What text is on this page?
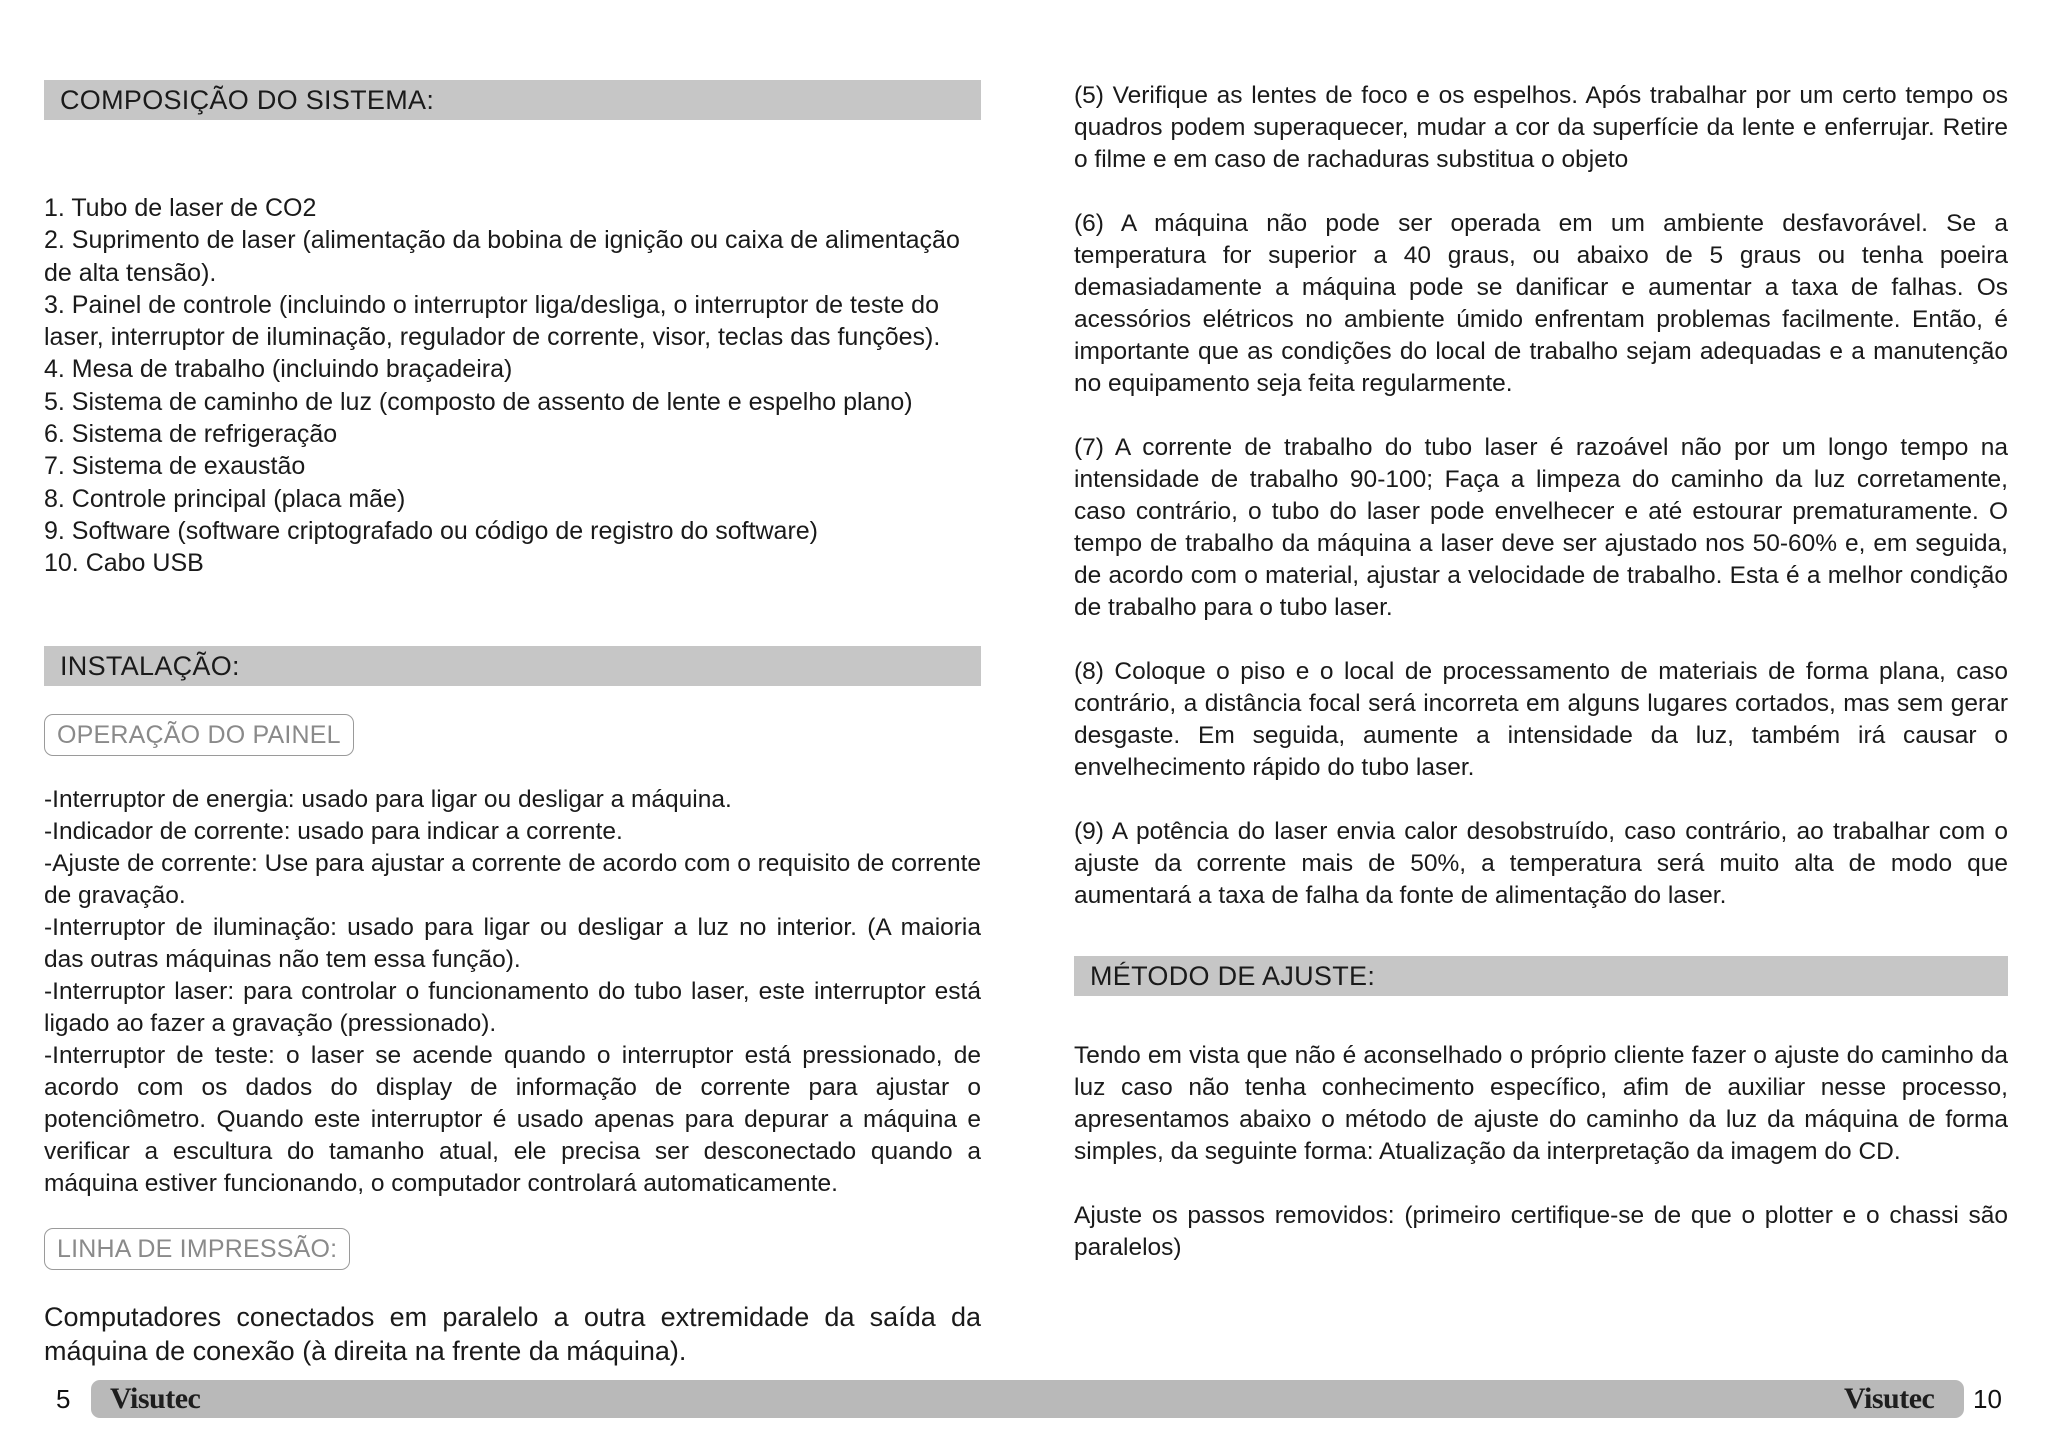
COMPOSIÇÃO DO SISTEMA:
1. Tubo de laser de CO2
2. Suprimento de laser (alimentação da bobina de ignição ou caixa de alimentação de alta tensão).
3. Painel de controle (incluindo o interruptor liga/desliga, o interruptor de teste do laser, interruptor de iluminação, regulador de corrente, visor, teclas das funções).
4. Mesa de trabalho (incluindo braçadeira)
5. Sistema de caminho de luz (composto de assento de lente e espelho plano)
6. Sistema de refrigeração
7. Sistema de exaustão
8. Controle principal (placa mãe)
9. Software (software criptografado ou código de registro do software)
10. Cabo USB
INSTALAÇÃO:
OPERAÇÃO DO PAINEL
-Interruptor de energia: usado para ligar ou desligar a máquina.
-Indicador de corrente: usado para indicar a corrente.
-Ajuste de corrente: Use para ajustar a corrente de acordo com o requisito de corrente de gravação.
-Interruptor de iluminação: usado para ligar ou desligar a luz no interior. (A maioria das outras máquinas não tem essa função).
-Interruptor laser: para controlar o funcionamento do tubo laser, este interruptor está ligado ao fazer a gravação (pressionado).
-Interruptor de teste: o laser se acende quando o interruptor está pressionado, de acordo com os dados do display de informação de corrente para ajustar o potenciômetro. Quando este interruptor é usado apenas para depurar a máquina e verificar a escultura do tamanho atual, ele precisa ser desconectado quando a máquina estiver funcionando, o computador controlará automaticamente.
LINHA DE IMPRESSÃO:
Computadores conectados em paralelo a outra extremidade da saída da máquina de conexão (à direita na frente da máquina).

(5) Verifique as lentes de foco e os espelhos. Após trabalhar por um certo tempo os quadros podem superaquecer, mudar a cor da superfície da lente e enferrujar. Retire o filme e em caso de rachaduras substitua o objeto

(6) A máquina não pode ser operada em um ambiente desfavorável. Se a temperatura for superior a 40 graus, ou abaixo de 5 graus ou tenha poeira demasiadamente a máquina pode se danificar e aumentar a taxa de falhas. Os acessórios elétricos no ambiente úmido enfrentam problemas facilmente. Então, é importante que as condições do local de trabalho sejam adequadas e a manutenção no equipamento seja feita regularmente.

(7) A corrente de trabalho do tubo laser é razoável não por um longo tempo na intensidade de trabalho 90-100; Faça a limpeza do caminho da luz corretamente, caso contrário, o tubo do laser pode envelhecer e até estourar prematuramente. O tempo de trabalho da máquina a laser deve ser ajustado nos 50-60% e, em seguida, de acordo com o material, ajustar a velocidade de trabalho. Esta é a melhor condição de trabalho para o tubo laser.

(8) Coloque o piso e o local de processamento de materiais de forma plana, caso contrário, a distância focal será incorreta em alguns lugares cortados, mas sem gerar desgaste. Em seguida, aumente a intensidade da luz, também irá causar o envelhecimento rápido do tubo laser.

(9) A potência do laser envia calor desobstruído, caso contrário, ao trabalhar com o ajuste da corrente mais de 50%, a temperatura será muito alta de modo que aumentará a taxa de falha da fonte de alimentação do laser.

MÉTODO DE AJUSTE:

Tendo em vista que não é aconselhado o próprio cliente fazer o ajuste do caminho da luz caso não tenha conhecimento específico, afim de auxiliar nesse processo, apresentamos abaixo o método de ajuste do caminho da luz da máquina de forma simples, da seguinte forma: Atualização da interpretação da imagem do CD.

Ajuste os passos removidos: (primeiro certifique-se de que o plotter e o chassi são paralelos)

5 Visutec	Visutec 10
